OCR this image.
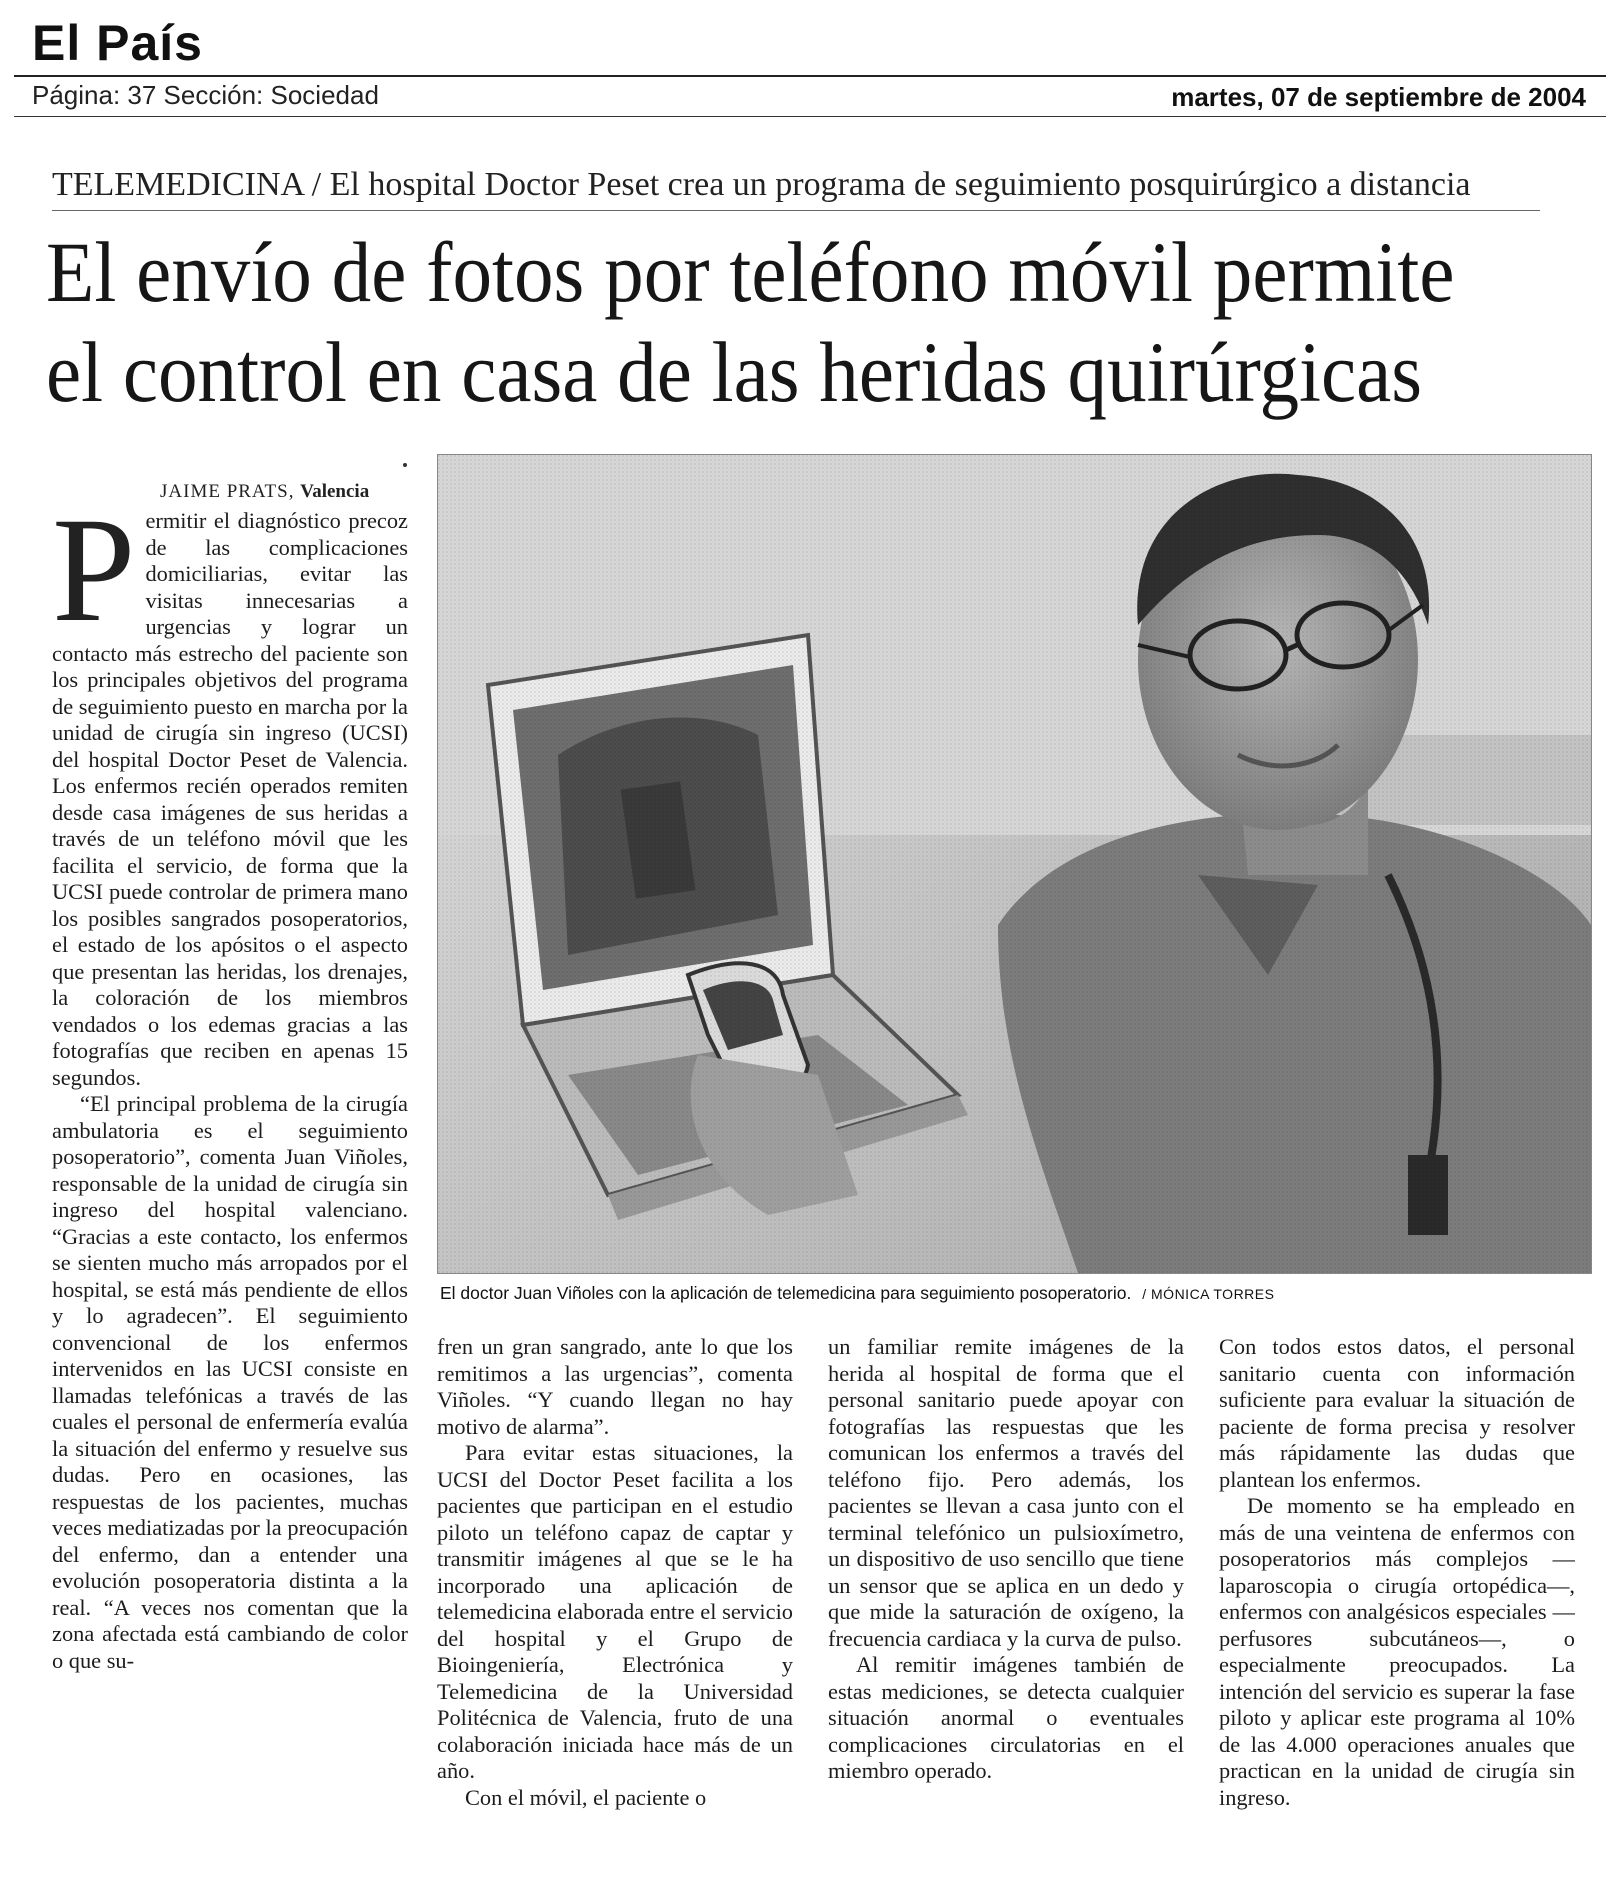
El País
Página: 37 Sección: Sociedad	martes, 07 de septiembre de 2004
TELEMEDICINA / El hospital Doctor Peset crea un programa de seguimiento posquirúrgico a distancia
El envío de fotos por teléfono móvil permite
el control en casa de las heridas quirúrgicas
JAIME PRATS, Valencia

Permitir el diagnóstico precoz de las complicaciones domiciliarias, evitar las visitas innecesarias a urgencias y lograr un contacto más estrecho del paciente son los principales objetivos del programa de seguimiento puesto en marcha por la unidad de cirugía sin ingreso (UCSI) del hospital Doctor Peset de Valencia. Los enfermos recién operados remiten desde casa imágenes de sus heridas a través de un teléfono móvil que les facilita el servicio, de forma que la UCSI puede controlar de primera mano los posibles sangrados posoperatorios, el estado de los apósitos o el aspecto que presentan las heridas, los drenajes, la coloración de los miembros vendados o los edemas gracias a las fotografías que reciben en apenas 15 segundos.

“El principal problema de la cirugía ambulatoria es el seguimiento posoperatorio”, comenta Juan Viñoles, responsable de la unidad de cirugía sin ingreso del hospital valenciano. “Gracias a este contacto, los enfermos se sienten mucho más arropados por el hospital, se está más pendiente de ellos y lo agradecen”. El seguimiento convencional de los enfermos intervenidos en las UCSI consiste en llamadas telefónicas a través de las cuales el personal de enfermería evalúa la situación del enfermo y resuelve sus dudas. Pero en ocasiones, las respuestas de los pacientes, muchas veces mediatizadas por la preocupación del enfermo, dan a entender una evolución posoperatoria distinta a la real. “A veces nos comentan que la zona afectada está cambiando de color o que su-

El doctor Juan Viñoles con la aplicación de telemedicina para seguimiento posoperatorio. / MÓNICA TORRES

fren un gran sangrado, ante lo que los remitimos a las urgencias”, comenta Viñoles. “Y cuando llegan no hay motivo de alarma”.

Para evitar estas situaciones, la UCSI del Doctor Peset facilita a los pacientes que participan en el estudio piloto un teléfono capaz de captar y transmitir imágenes al que se le ha incorporado una aplicación de telemedicina elaborada entre el servicio del hospital y el Grupo de Bioingeniería, Electrónica y Telemedicina de la Universidad Politécnica de Valencia, fruto de una colaboración iniciada hace más de un año.

Con el móvil, el paciente o

un familiar remite imágenes de la herida al hospital de forma que el personal sanitario puede apoyar con fotografías las respuestas que les comunican los enfermos a través del teléfono fijo. Pero además, los pacientes se llevan a casa junto con el terminal telefónico un pulsioxímetro, un dispositivo de uso sencillo que tiene un sensor que se aplica en un dedo y que mide la saturación de oxígeno, la frecuencia cardiaca y la curva de pulso.

Al remitir imágenes también de estas mediciones, se detecta cualquier situación anormal o eventuales complicaciones circulatorias en el miembro operado.

Con todos estos datos, el personal sanitario cuenta con información suficiente para evaluar la situación de paciente de forma precisa y resolver más rápidamente las dudas que plantean los enfermos.

De momento se ha empleado en más de una veintena de enfermos con posoperatorios más complejos —laparoscopia o cirugía ortopédica—, enfermos con analgésicos especiales —perfusores subcutáneos—, o especialmente preocupados. La intención del servicio es superar la fase piloto y aplicar este programa al 10% de las 4.000 operaciones anuales que practican en la unidad de cirugía sin ingreso.
